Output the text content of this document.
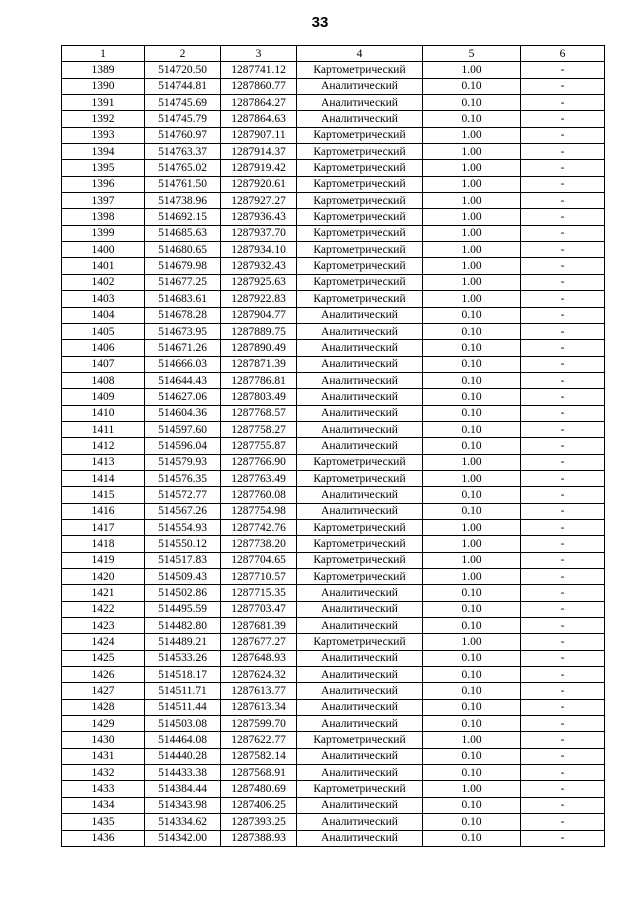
33
1	2	3	4	5	6
1389	514720.50	1287741.12	Картометрический	1.00	-
1390	514744.81	1287860.77	Аналитический	0.10	-
1391	514745.69	1287864.27	Аналитический	0.10	-
1392	514745.79	1287864.63	Аналитический	0.10	-
1393	514760.97	1287907.11	Картометрический	1.00	-
1394	514763.37	1287914.37	Картометрический	1.00	-
1395	514765.02	1287919.42	Картометрический	1.00	-
1396	514761.50	1287920.61	Картометрический	1.00	-
1397	514738.96	1287927.27	Картометрический	1.00	-
1398	514692.15	1287936.43	Картометрический	1.00	-
1399	514685.63	1287937.70	Картометрический	1.00	-
1400	514680.65	1287934.10	Картометрический	1.00	-
1401	514679.98	1287932.43	Картометрический	1.00	-
1402	514677.25	1287925.63	Картометрический	1.00	-
1403	514683.61	1287922.83	Картометрический	1.00	-
1404	514678.28	1287904.77	Аналитический	0.10	-
1405	514673.95	1287889.75	Аналитический	0.10	-
1406	514671.26	1287890.49	Аналитический	0.10	-
1407	514666.03	1287871.39	Аналитический	0.10	-
1408	514644.43	1287786.81	Аналитический	0.10	-
1409	514627.06	1287803.49	Аналитический	0.10	-
1410	514604.36	1287768.57	Аналитический	0.10	-
1411	514597.60	1287758.27	Аналитический	0.10	-
1412	514596.04	1287755.87	Аналитический	0.10	-
1413	514579.93	1287766.90	Картометрический	1.00	-
1414	514576.35	1287763.49	Картометрический	1.00	-
1415	514572.77	1287760.08	Аналитический	0.10	-
1416	514567.26	1287754.98	Аналитический	0.10	-
1417	514554.93	1287742.76	Картометрический	1.00	-
1418	514550.12	1287738.20	Картометрический	1.00	-
1419	514517.83	1287704.65	Картометрический	1.00	-
1420	514509.43	1287710.57	Картометрический	1.00	-
1421	514502.86	1287715.35	Аналитический	0.10	-
1422	514495.59	1287703.47	Аналитический	0.10	-
1423	514482.80	1287681.39	Аналитический	0.10	-
1424	514489.21	1287677.27	Картометрический	1.00	-
1425	514533.26	1287648.93	Аналитический	0.10	-
1426	514518.17	1287624.32	Аналитический	0.10	-
1427	514511.71	1287613.77	Аналитический	0.10	-
1428	514511.44	1287613.34	Аналитический	0.10	-
1429	514503.08	1287599.70	Аналитический	0.10	-
1430	514464.08	1287622.77	Картометрический	1.00	-
1431	514440.28	1287582.14	Аналитический	0.10	-
1432	514433.38	1287568.91	Аналитический	0.10	-
1433	514384.44	1287480.69	Картометрический	1.00	-
1434	514343.98	1287406.25	Аналитический	0.10	-
1435	514334.62	1287393.25	Аналитический	0.10	-
1436	514342.00	1287388.93	Аналитический	0.10	-
